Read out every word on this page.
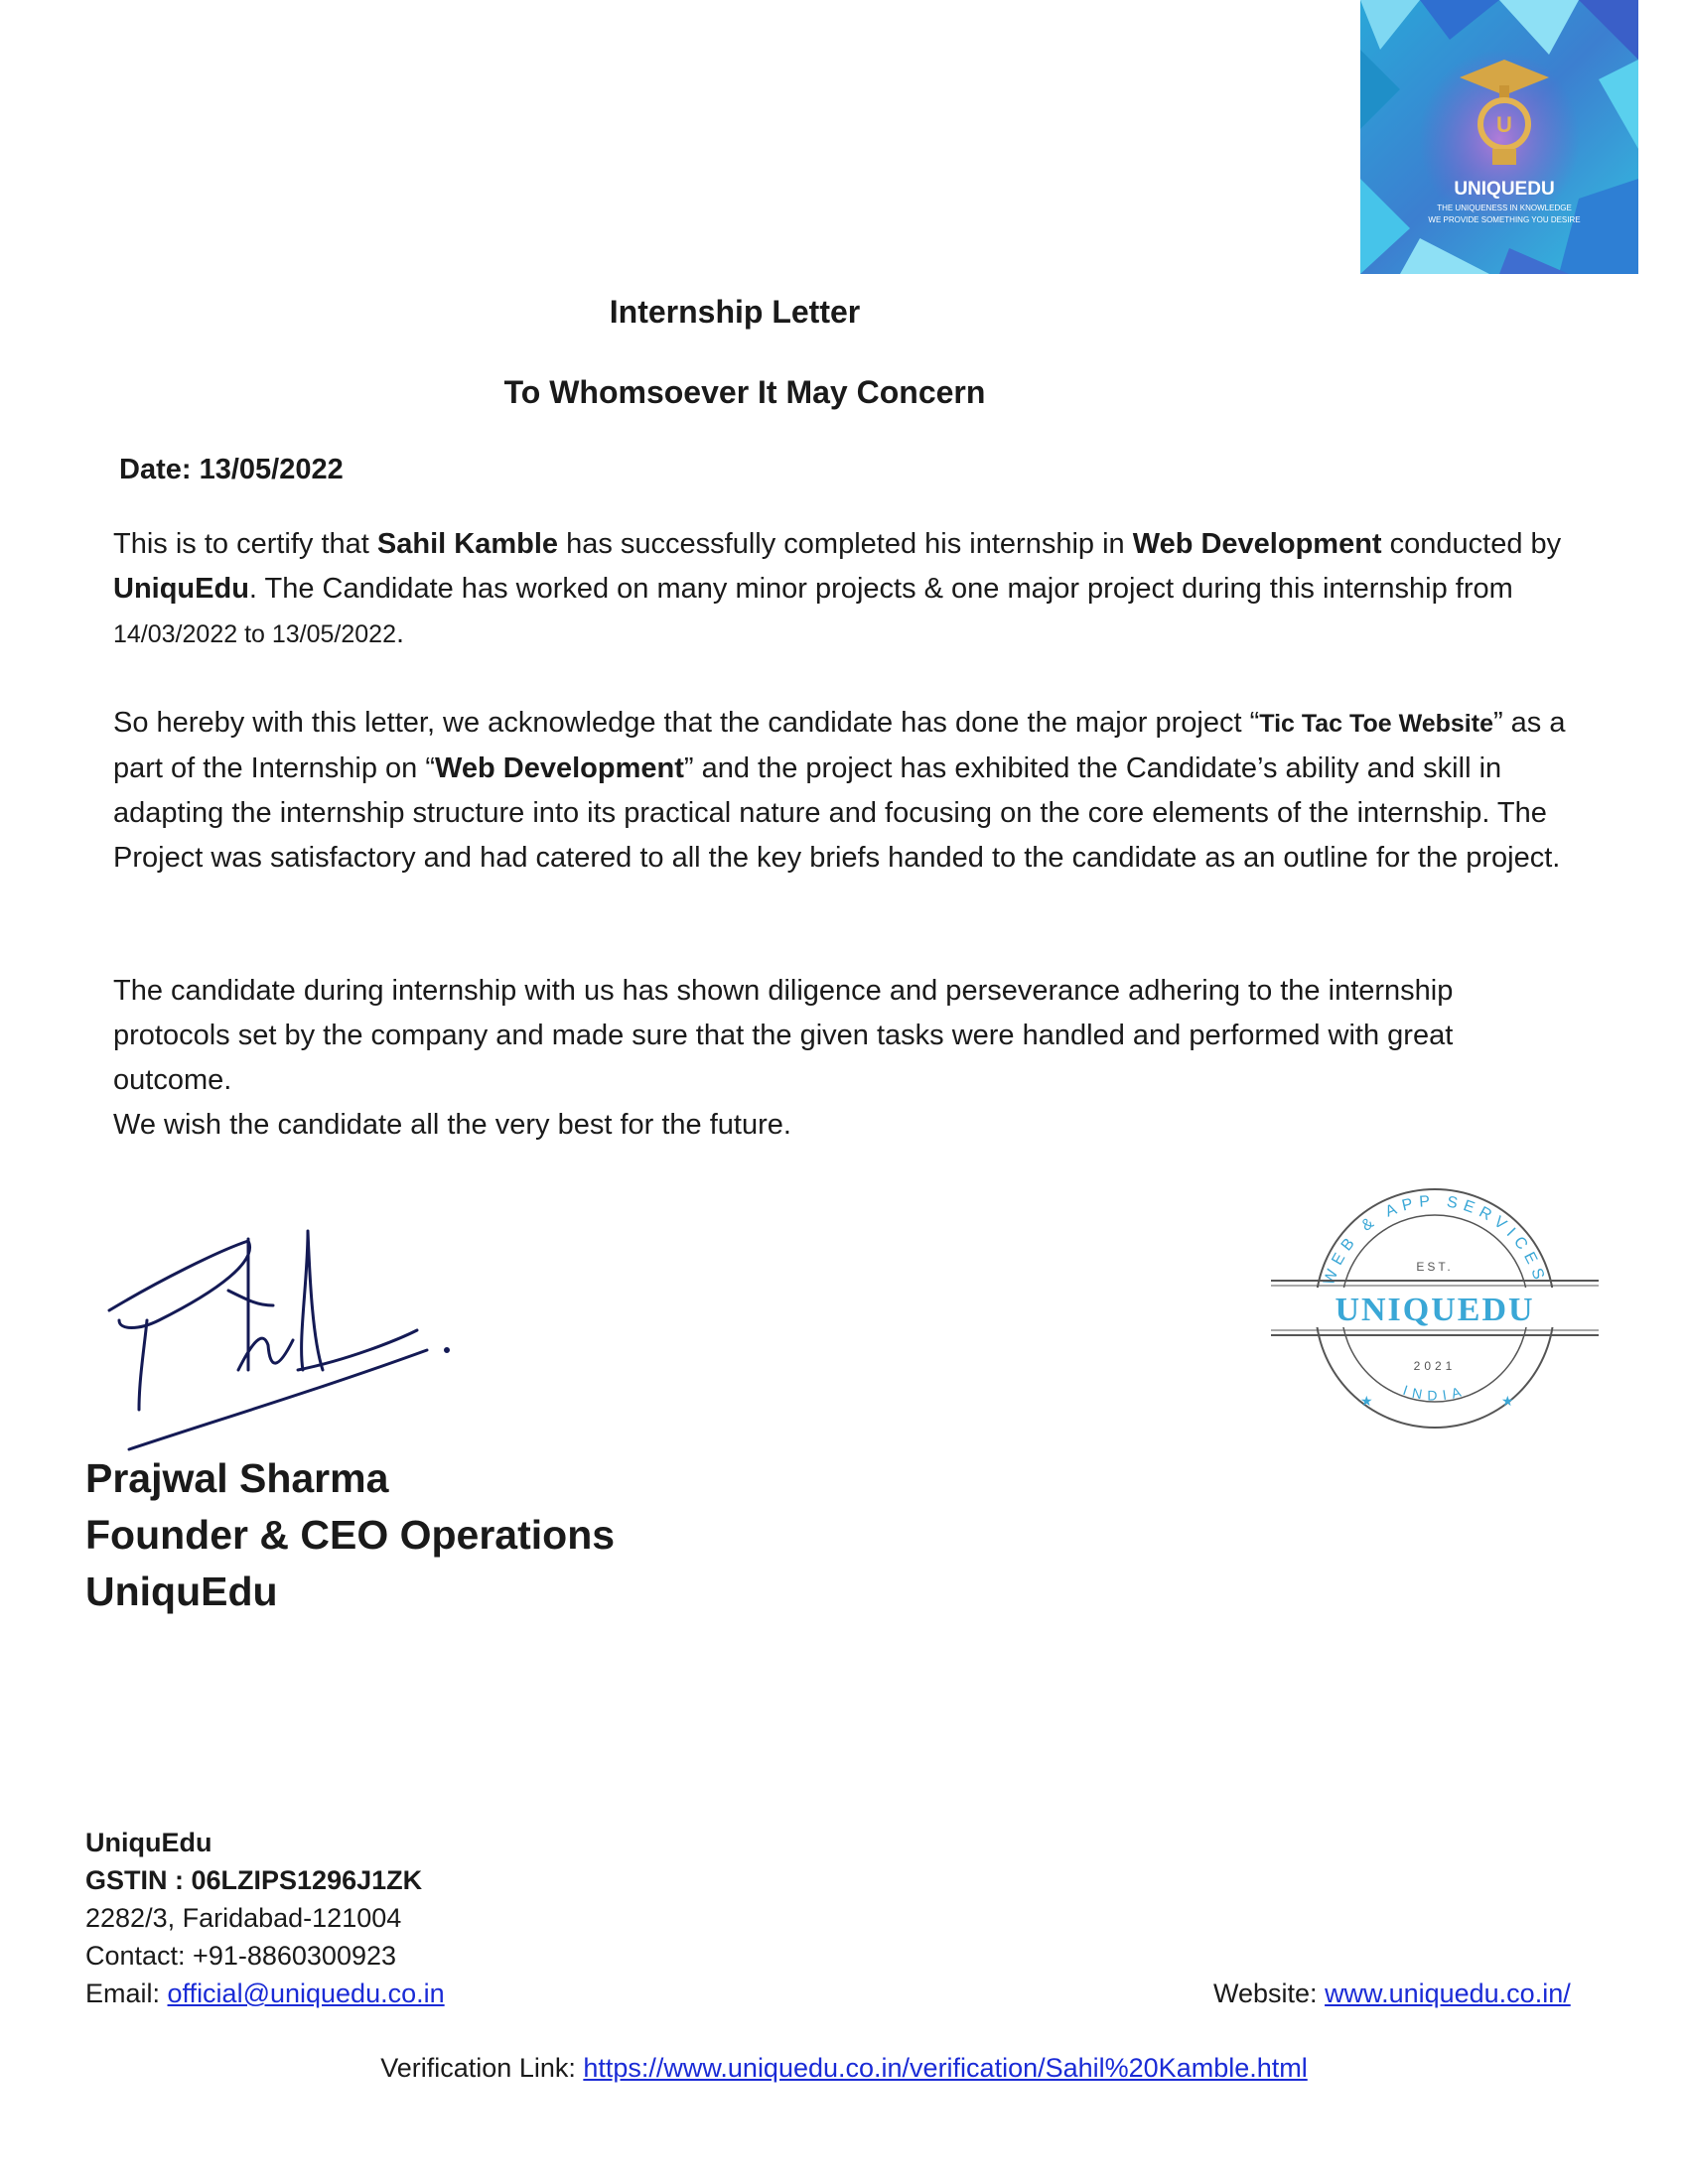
U
UNIQUEDU
THE UNIQUENESS IN KNOWLEDGE
WE PROVIDE SOMETHING YOU DESIRE
Internship Letter
To Whomsoever It May Concern
Date: 13/05/2022
This is to certify that Sahil Kamble has successfully completed his internship in Web Development conducted by UniquEdu. The Candidate has worked on many minor projects & one major project during this internship from 14/03/2022 to 13/05/2022.
So hereby with this letter, we acknowledge that the candidate has done the major project “Tic Tac Toe Website” as a part of the Internship on “Web Development” and the project has exhibited the Candidate’s ability and skill in adapting the internship structure into its practical nature and focusing on the core elements of the internship. The Project was satisfactory and had catered to all the key briefs handed to the candidate as an outline for the project.
The candidate during internship with us has shown diligence and perseverance adhering to the internship protocols set by the company and made sure that the given tasks were handled and performed with great outcome.
We wish the candidate all the very best for the future.
WEB & APP SERVICES
EST.
UNIQUEDU
2021
★	★
INDIA
Prajwal Sharma
Founder & CEO Operations
UniquEdu
UniquEdu
GSTIN : 06LZIPS1296J1ZK
2282/3, Faridabad-121004
Contact: +91-8860300923
Email: official@uniquedu.co.in	Website: www.uniquedu.co.in/
Verification Link: https://www.uniquedu.co.in/verification/Sahil%20Kamble.html
